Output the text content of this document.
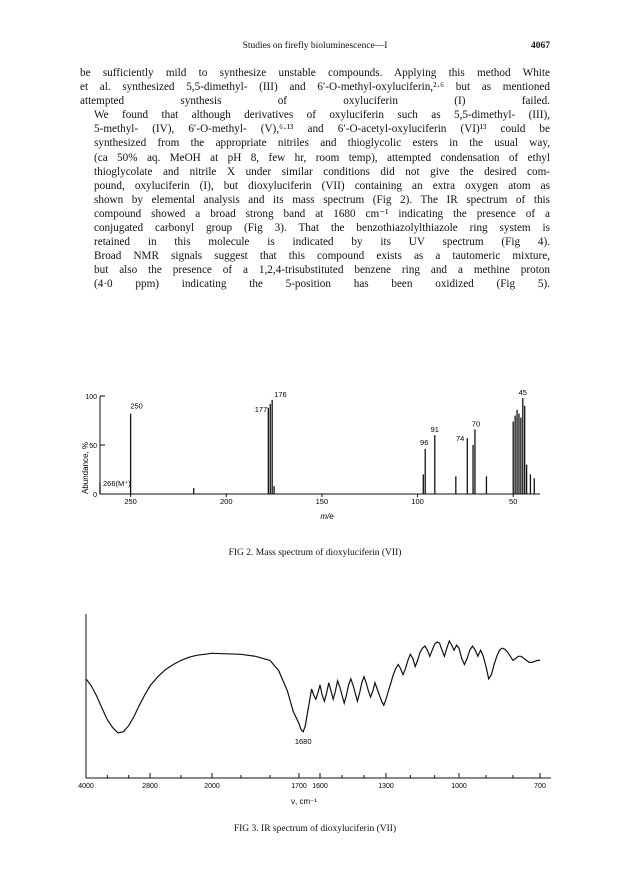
Studies on firefly bioluminescence—I	4067

be sufficiently mild to synthesize unstable compounds. Applying this method White
et al. synthesized 5,5-dimethyl- (III) and 6′-O-methyl-oxyluciferin,²·⁶ but as mentioned
attempted synthesis of oxyluciferin (I) failed.

We found that although derivatives of oxyluciferin such as 5,5-dimethyl- (III),
5-methyl- (IV), 6′-O-methyl- (V),⁶·¹³ and 6′-O-acetyl-oxyluciferin (VI)¹³ could be
synthesized from the appropriate nitriles and thioglycolic esters in the usual way,
(ca 50% aq. MeOH at pH 8, few hr, room temp), attempted condensation of ethyl
thioglycolate and nitrile X under similar conditions did not give the desired com-
pound, oxyluciferin (I), but dioxyluciferin (VII) containing an extra oxygen atom as
shown by elemental analysis and its mass spectrum (Fig 2). The IR spectrum of this
compound showed a broad strong band at 1680 cm⁻¹ indicating the presence of a
conjugated carbonyl group (Fig 3). That the benzothiazolylthiazole ring system is
retained in this molecule is indicated by its UV spectrum (Fig 4).

Broad NMR signals suggest that this compound exists as a tautomeric mixture,
but also the presence of a 1,2,4-trisubstituted benzene ring and a methine proton
(4·0 ppm) indicating the 5-position has been oxidized (Fig 5).

0
50
100
250	200	150	100	50
266(M⁺)
250	177
176
96
91
74
70
45
Abundance, %
m/e
4000	2800	2000	1700 1600	1300	1000	700
1680
ν, cm⁻¹
FIG 2. Mass spectrum of dioxyluciferin (VII)
FIG 3. IR spectrum of dioxyluciferin (VII)
